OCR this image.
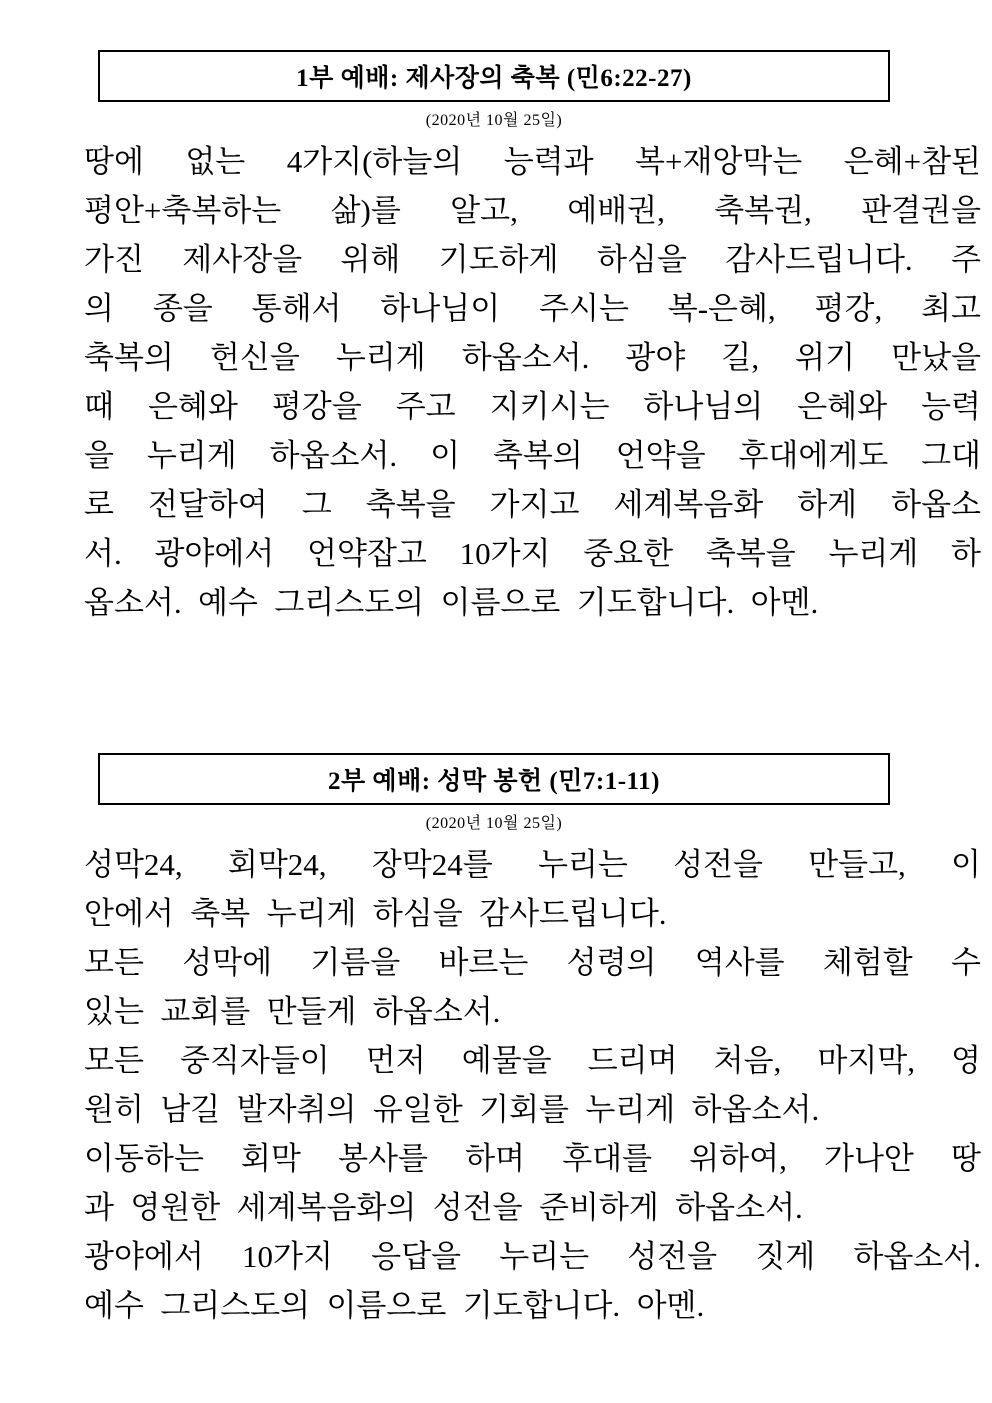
1부 예배: 제사장의 축복 (민6:22-27)
(2020년 10월 25일)
땅에 없는 4가지(하늘의 능력과 복+재앙막는 은혜+참된
평안+축복하는 삶)를 알고, 예배권, 축복권, 판결권을
가진 제사장을 위해 기도하게 하심을 감사드립니다. 주
의 종을 통해서 하나님이 주시는 복-은혜, 평강, 최고
축복의 헌신을 누리게 하옵소서. 광야 길, 위기 만났을
때 은혜와 평강을 주고 지키시는 하나님의 은혜와 능력
을 누리게 하옵소서. 이 축복의 언약을 후대에게도 그대
로 전달하여 그 축복을 가지고 세계복음화 하게 하옵소
서. 광야에서 언약잡고 10가지 중요한 축복을 누리게 하
옵소서. 예수 그리스도의 이름으로 기도합니다. 아멘.
2부 예배: 성막 봉헌 (민7:1-11)
(2020년 10월 25일)
성막24, 회막24, 장막24를 누리는 성전을 만들고, 이
안에서 축복 누리게 하심을 감사드립니다.
모든 성막에 기름을 바르는 성령의 역사를 체험할 수
있는 교회를 만들게 하옵소서.
모든 중직자들이 먼저 예물을 드리며 처음, 마지막, 영
원히 남길 발자취의 유일한 기회를 누리게 하옵소서.
이동하는 회막 봉사를 하며 후대를 위하여, 가나안 땅
과 영원한 세계복음화의 성전을 준비하게 하옵소서.
광야에서 10가지 응답을 누리는 성전을 짓게 하옵소서.
예수 그리스도의 이름으로 기도합니다. 아멘.
